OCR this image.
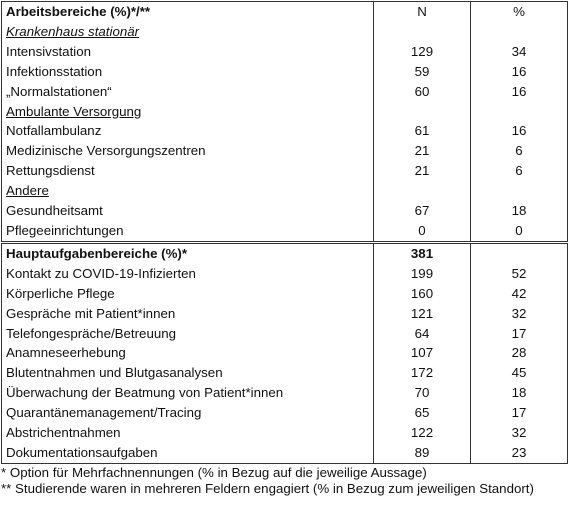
Arbeitsbereiche (%)*/**	N	%
Krankenhaus stationär		
Intensivstation	129	34
Infektionsstation	59	16
„Normalstationen“	60	16
Ambulante Versorgung		
Notfallambulanz	61	16
Medizinische Versorgungszentren	21	6
Rettungsdienst	21	6
Andere		
Gesundheitsamt	67	18
Pflegeeinrichtungen	0	0
Hauptaufgabenbereiche (%)*	381	
Kontakt zu COVID-19-Infizierten	199	52
Körperliche Pflege	160	42
Gespräche mit Patient*innen	121	32
Telefongespräche/Betreuung	64	17
Anamneseerhebung	107	28
Blutentnahmen und Blutgasanalysen	172	45
Überwachung der Beatmung von Patient*innen	70	18
Quarantänemanagement/Tracing	65	17
Abstrichentnahmen	122	32
Dokumentationsaufgaben	89	23
* Option für Mehrfachnennungen (% in Bezug auf die jeweilige Aussage)
** Studierende waren in mehreren Feldern engagiert (% in Bezug zum jeweiligen Standort)
